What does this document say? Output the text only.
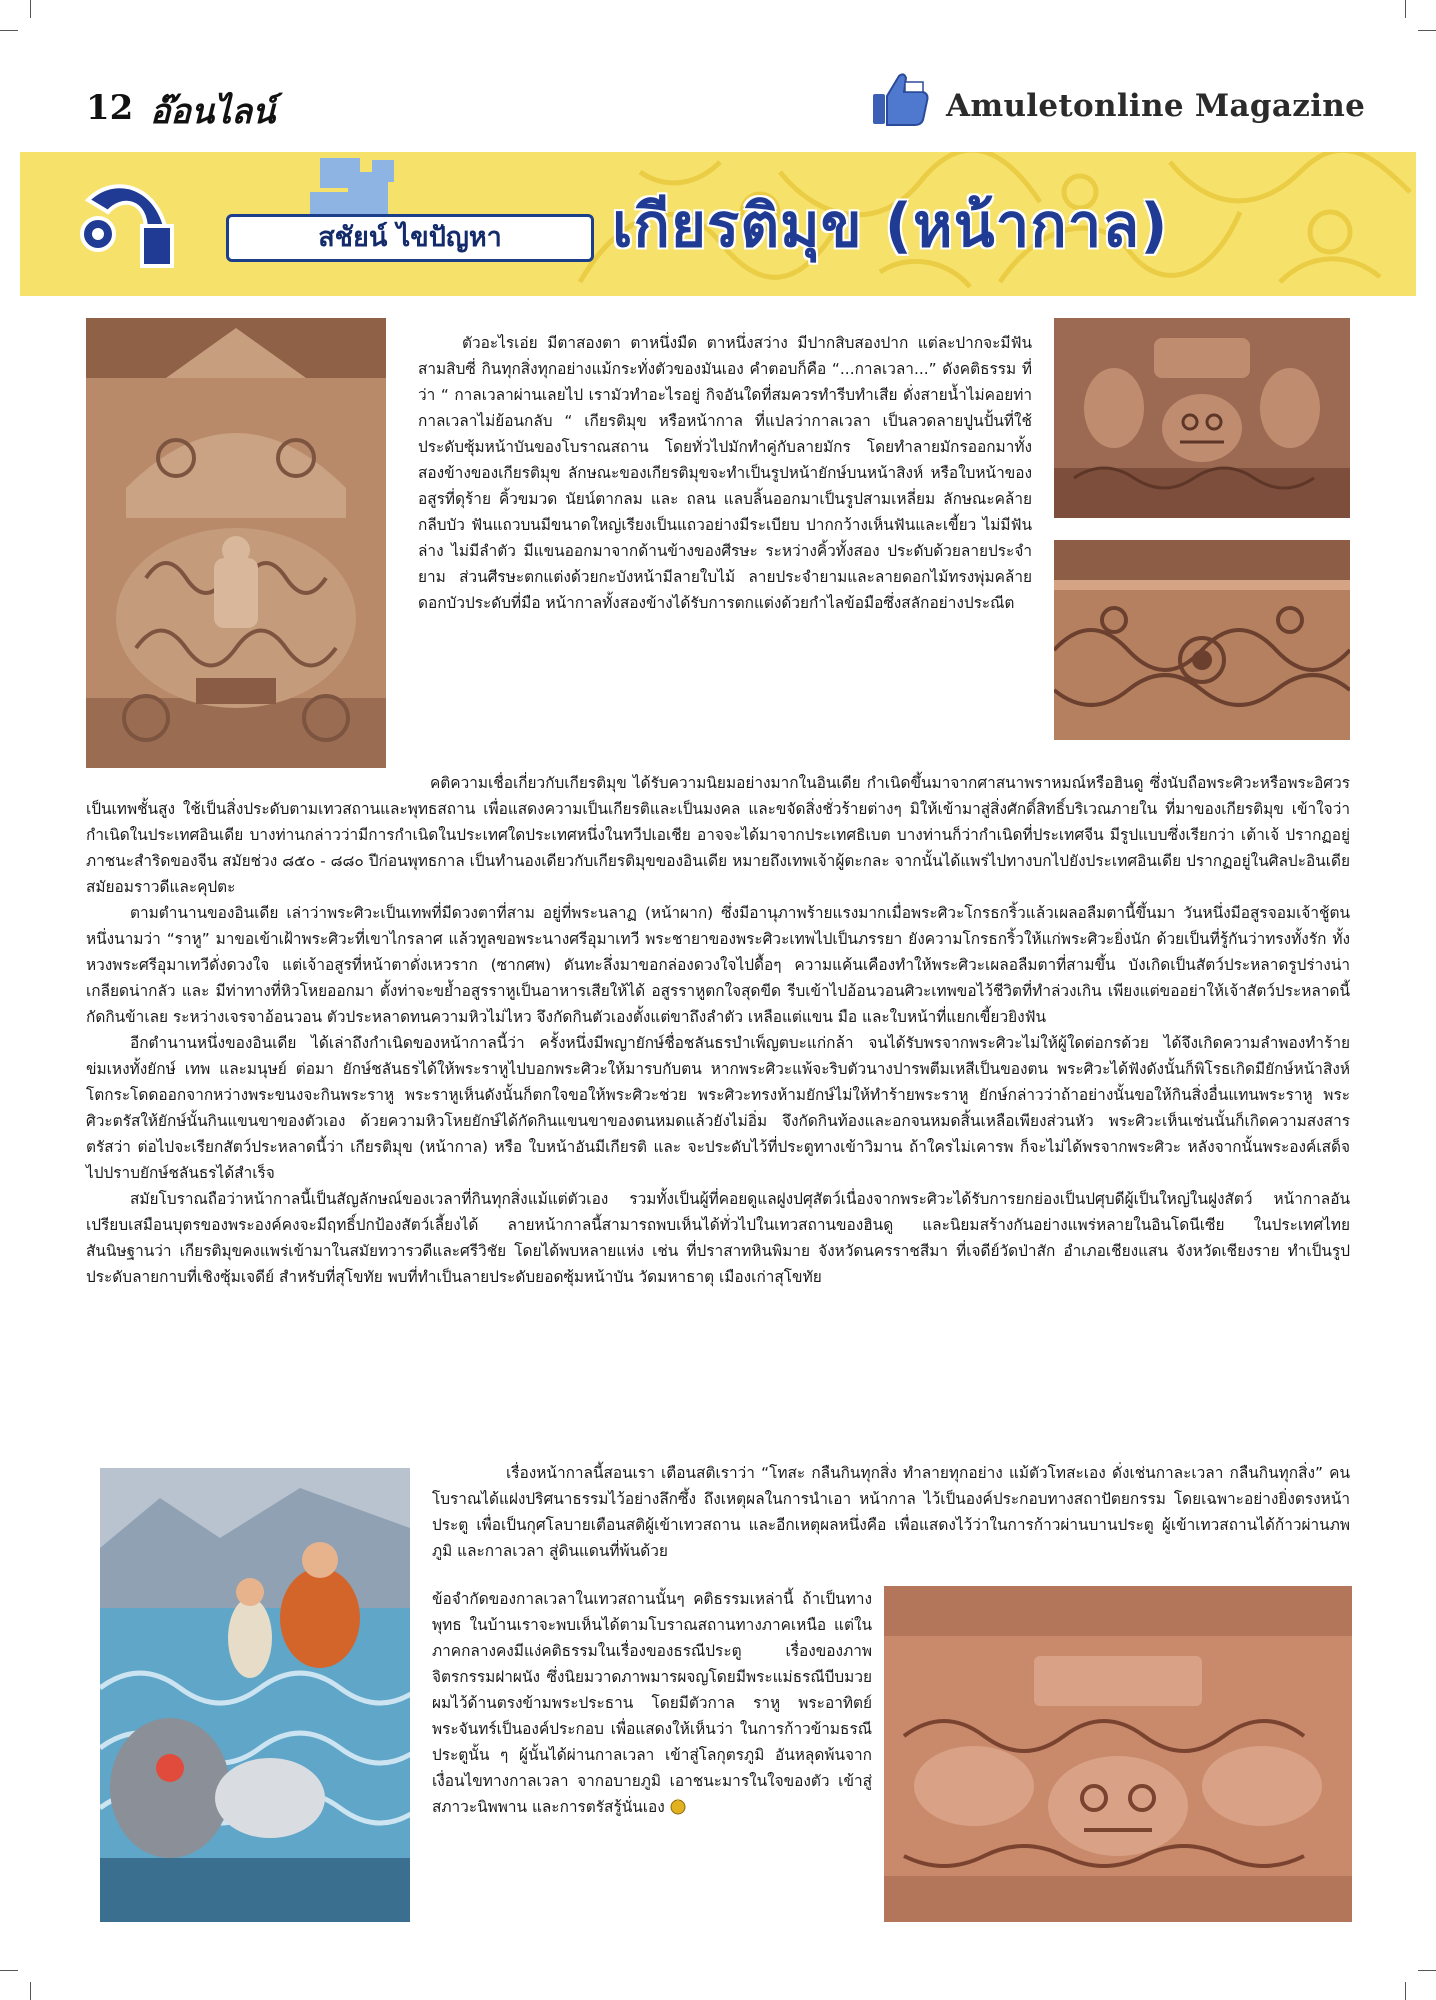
12 อ๊อนไลน์	Amuletonline Magazine
สชัยน์ ไขปัญหา	เกียรติมุข (หน้ากาล)

ตัวอะไรเอ่ย มีตาสองตา ตาหนึ่งมืด ตาหนึ่งสว่าง มีปากสิบสองปาก แต่ละปากจะมีฟันสามสิบซี่ กินทุกสิ่งทุกอย่างแม้กระทั่งตัวของมันเอง คำตอบก็คือ “...กาลเวลา...” ดังคติธรรม ที่ว่า “ กาลเวลาผ่านเลยไป เรามัวทำอะไรอยู่ กิจอันใดที่สมควรทำรีบทำเสีย ดั่งสายน้ำไม่คอยท่า กาลเวลาไม่ย้อนกลับ “ เกียรติมุข หรือหน้ากาล ที่แปลว่ากาลเวลา เป็นลวดลายปูนปั้นที่ใช้ประดับซุ้มหน้าบันของโบราณสถาน โดยทั่วไปมักทำคู่กับลายมักร โดยทำลายมักรออกมาทั้งสองข้างของเกียรติมุข ลักษณะของเกียรติมุขจะทำเป็นรูปหน้ายักษ์บนหน้าสิงห์ หรือใบหน้าของอสูรที่ดุร้าย คิ้วขมวด นัยน์ตากลม และ ถลน แลบลิ้นออกมาเป็นรูปสามเหลี่ยม ลักษณะคล้ายกลีบบัว ฟันแถวบนมีขนาดใหญ่เรียงเป็นแถวอย่างมีระเบียบ ปากกว้างเห็นฟันและเขี้ยว ไม่มีฟันล่าง ไม่มีลำตัว มีแขนออกมาจากด้านข้างของศีรษะ ระหว่างคิ้วทั้งสอง ประดับด้วยลายประจำยาม ส่วนศีรษะตกแต่งด้วยกะบังหน้ามีลายใบไม้ ลายประจำยามและลายดอกไม้ทรงพุ่มคล้ายดอกบัวประดับที่มือ หน้ากาลทั้งสองข้างได้รับการตกแต่งด้วยกำไลข้อมือซึ่งสลักอย่างประณีต

คติความเชื่อเกี่ยวกับเกียรติมุข ได้รับความนิยมอย่างมากในอินเดีย กำเนิดขึ้นมาจากศาสนาพราหมณ์หรือฮินดู ซึ่งนับถือพระศิวะหรือพระอิศวรเป็นเทพชั้นสูง ใช้เป็นสิ่งประดับตามเทวสถานและพุทธสถาน เพื่อแสดงความเป็นเกียรติและเป็นมงคล และขจัดสิ่งชั่วร้ายต่างๆ มิให้เข้ามาสู่สิ่งศักดิ์สิทธิ์บริเวณภายใน ที่มาของเกียรติมุข เข้าใจว่ากำเนิดในประเทศอินเดีย บางท่านกล่าวว่ามีการกำเนิดในประเทศใดประเทศหนึ่งในทวีปเอเชีย อาจจะได้มาจากประเทศธิเบต บางท่านก็ว่ากำเนิดที่ประเทศจีน มีรูปแบบซึ่งเรียกว่า เต้าเจ้ ปรากฏอยู่ ภาชนะสำริดของจีน สมัยช่วง ๘๕๐ - ๘๘๐ ปีก่อนพุทธกาล เป็นทำนองเดียวกับเกียรติมุขของอินเดีย หมายถึงเทพเจ้าผู้ตะกละ จากนั้นได้แพร่ไปทางบกไปยังประเทศอินเดีย ปรากฏอยู่ในศิลปะอินเดียสมัยอมราวดีและคุปตะ

ตามตำนานของอินเดีย เล่าว่าพระศิวะเป็นเทพที่มีดวงตาที่สาม อยู่ที่พระนลาฏ (หน้าผาก) ซึ่งมีอานุภาพร้ายแรงมากเมื่อพระศิวะโกรธกริ้วแล้วเผลอลืมตานี้ขึ้นมา วันหนึ่งมีอสูรจอมเจ้าชู้ตนหนึ่งนามว่า “ราหู” มาขอเข้าเฝ้าพระศิวะที่เขาไกรลาศ แล้วทูลขอพระนางศรีอุมาเทวี พระชายาของพระศิวะเทพไปเป็นภรรยา ยังความโกรธกริ้วให้แก่พระศิวะยิ่งนัก ด้วยเป็นที่รู้กันว่าทรงทั้งรัก ทั้งหวงพระศรีอุมาเทวีดั่งดวงใจ แต่เจ้าอสูรที่หน้าตาดั่งเหวราก (ซากศพ) ดันทะลึ่งมาขอกล่องดวงใจไปดื้อๆ ความแค้นเคืองทำให้พระศิวะเผลอลืมตาที่สามขึ้น บังเกิดเป็นสัตว์ประหลาดรูปร่างน่าเกลียดน่ากลัว และ มีท่าทางที่หิวโหยออกมา ตั้งท่าจะขย้ำอสูรราหูเป็นอาหารเสียให้ได้ อสูรราหูตกใจสุดขีด รีบเข้าไปอ้อนวอนศิวะเทพขอไว้ชีวิตที่ทำล่วงเกิน เพียงแต่ขออย่าให้เจ้าสัตว์ประหลาดนี้กัดกินข้าเลย ระหว่างเจรจาอ้อนวอน ตัวประหลาดทนความหิวไม่ไหว จึงกัดกินตัวเองตั้งแต่ขาถึงลำตัว เหลือแต่แขน มือ และใบหน้าที่แยกเขี้ยวยิงฟัน

อีกตำนานหนึ่งของอินเดีย ได้เล่าถึงกำเนิดของหน้ากาลนี้ว่า ครั้งหนึ่งมีพญายักษ์ชื่อชลันธรบำเพ็ญตบะแก่กล้า จนได้รับพรจากพระศิวะไม่ให้ผู้ใดต่อกรด้วย ได้จึงเกิดความลำพองทำร้ายข่มเหงทั้งยักษ์ เทพ และมนุษย์ ต่อมา ยักษ์ชลันธรได้ให้พระราหูไปบอกพระศิวะให้มารบกับตน หากพระศิวะแพ้จะริบตัวนางปารพตีมเหสีเป็นของตน พระศิวะได้ฟังดังนั้นก็พิโรธเกิดมียักษ์หน้าสิงห์โตกระโดดออกจากหว่างพระขนงจะกินพระราหู พระราหูเห็นดังนั้นก็ตกใจขอให้พระศิวะช่วย พระศิวะทรงห้ามยักษ์ไม่ให้ทำร้ายพระราหู ยักษ์กล่าวว่าถ้าอย่างนั้นขอให้กินสิ่งอื่นแทนพระราหู พระศิวะตรัสให้ยักษ์นั้นกินแขนขาของตัวเอง ด้วยความหิวโหยยักษ์ได้กัดกินแขนขาของตนหมดแล้วยังไม่อิ่ม จึงกัดกินท้องและอกจนหมดสิ้นเหลือเพียงส่วนหัว พระศิวะเห็นเช่นนั้นก็เกิดความสงสาร ตรัสว่า ต่อไปจะเรียกสัตว์ประหลาดนี้ว่า เกียรติมุข (หน้ากาล) หรือ ใบหน้าอันมีเกียรติ และ จะประดับไว้ที่ประตูทางเข้าวิมาน ถ้าใครไม่เคารพ ก็จะไม่ได้พรจากพระศิวะ หลังจากนั้นพระองค์เสด็จไปปราบยักษ์ชลันธรได้สำเร็จ

สมัยโบราณถือว่าหน้ากาลนี้เป็นสัญลักษณ์ของเวลาที่กินทุกสิ่งแม้แต่ตัวเอง รวมทั้งเป็นผู้ที่คอยดูแลฝูงปศุสัตว์เนื่องจากพระศิวะได้รับการยกย่องเป็นปศุบดีผู้เป็นใหญ่ในฝูงสัตว์ หน้ากาลอันเปรียบเสมือนบุตรของพระองค์คงจะมีฤทธิ์ปกป้องสัตว์เลี้ยงได้ ลายหน้ากาลนี้สามารถพบเห็นได้ทั่วไปในเทวสถานของฮินดู และนิยมสร้างกันอย่างแพร่หลายในอินโดนีเซีย ในประเทศไทย สันนิษฐานว่า เกียรติมุขคงแพร่เข้ามาในสมัยทวารวดีและศรีวิชัย โดยได้พบหลายแห่ง เช่น ที่ปราสาทหินพิมาย จังหวัดนครราชสีมา ที่เจดีย์วัดป่าสัก อำเภอเชียงแสน จังหวัดเชียงราย ทำเป็นรูปประดับลายกาบที่เชิงซุ้มเจดีย์ สำหรับที่สุโขทัย พบที่ทำเป็นลายประดับยอดซุ้มหน้าบัน วัดมหาธาตุ เมืองเก่าสุโขทัย

เรื่องหน้ากาลนี้สอนเรา เตือนสติเราว่า “โทสะ กลืนกินทุกสิ่ง ทำลายทุกอย่าง แม้ตัวโทสะเอง ดั่งเช่นกาละเวลา กลืนกินทุกสิ่ง” คนโบราณได้แฝงปริศนาธรรมไว้อย่างลึกซึ้ง ถึงเหตุผลในการนำเอา หน้ากาล ไว้เป็นองค์ประกอบทางสถาปัตยกรรม โดยเฉพาะอย่างยิ่งตรงหน้าประตู เพื่อเป็นกุศโลบายเตือนสติผู้เข้าเทวสถาน และอีกเหตุผลหนึ่งคือ เพื่อแสดงไว้ว่าในการก้าวผ่านบานประตู ผู้เข้าเทวสถานได้ก้าวผ่านภพภูมิ และกาลเวลา สู่ดินแดนที่พ้นด้วย

ข้อจำกัดของกาลเวลาในเทวสถานนั้นๆ คติธรรมเหล่านี้ ถ้าเป็นทางพุทธ ในบ้านเราจะพบเห็นได้ตามโบราณสถานทางภาคเหนือ แต่ในภาคกลางคงมีแง่คติธรรมในเรื่องของธรณีประตู เรื่องของภาพจิตรกรรมฝาผนัง ซึ่งนิยมวาดภาพมารผจญโดยมีพระแม่ธรณีบีบมวยผมไว้ด้านตรงข้ามพระประธาน โดยมีตัวกาล ราหู พระอาทิตย์ พระจันทร์เป็นองค์ประกอบ เพื่อแสดงให้เห็นว่า ในการก้าวข้ามธรณีประตูนั้น ๆ ผู้นั้นได้ผ่านกาลเวลา เข้าสู่โลกุตรภูมิ อันหลุดพ้นจากเงื่อนไขทางกาลเวลา จากอบายภูมิ เอาชนะมารในใจของตัว เข้าสู่สภาวะนิพพาน และการตรัสรู้นั่นเอง
